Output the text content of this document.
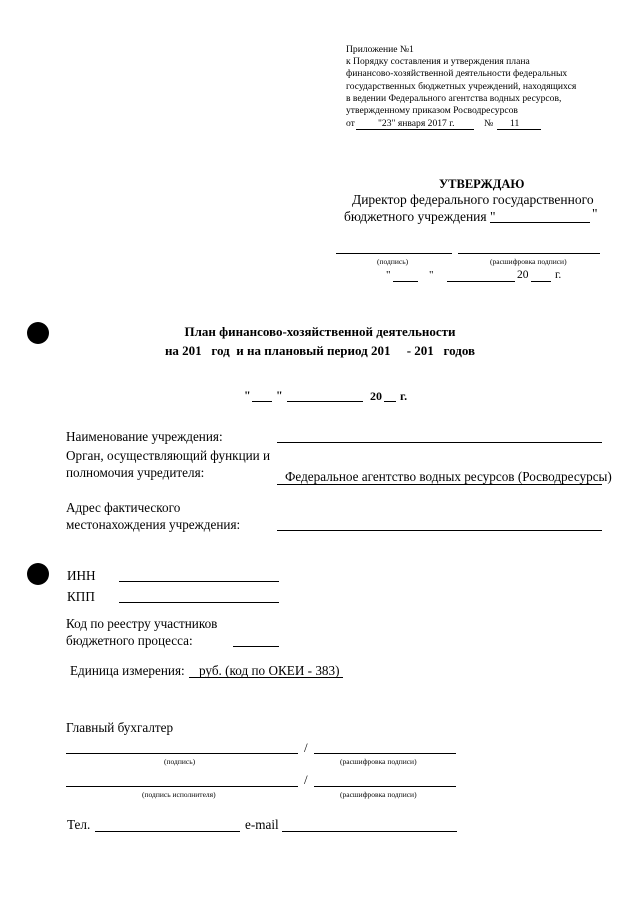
Приложение №1
к Порядку составления и утверждения плана
финансово-хозяйственной деятельности федеральных
государственных бюджетных учреждений, находящихся
в ведении Федерального агентства водных ресурсов,
утвержденному приказом Росводресурсов
от "23" января 2017 г.	№ 11
УТВЕРЖДАЮ
Директор федерального государственного
бюджетного учреждения "	"
(подпись)	(расшифровка подписи)
"	"	20 г.
План финансово-хозяйственной деятельности
на 201   год  и на плановый период 201     - 201   годов
" "	20 г.
Наименование учреждения:
Орган, осуществляющий функции и
полномочия учредителя:	Федеральное агентство водных ресурсов (Росводресурсы)
Адрес фактического
местонахождения учреждения:
ИНН
КПП
Код по реестру участников
бюджетного процесса:
Единица измерения: руб. (код по ОКЕИ - 383)
Главный бухгалтер
/
(подпись)	(расшифровка подписи)
/
(подпись исполнителя)	(расшифровка подписи)
Тел.	e-mail
